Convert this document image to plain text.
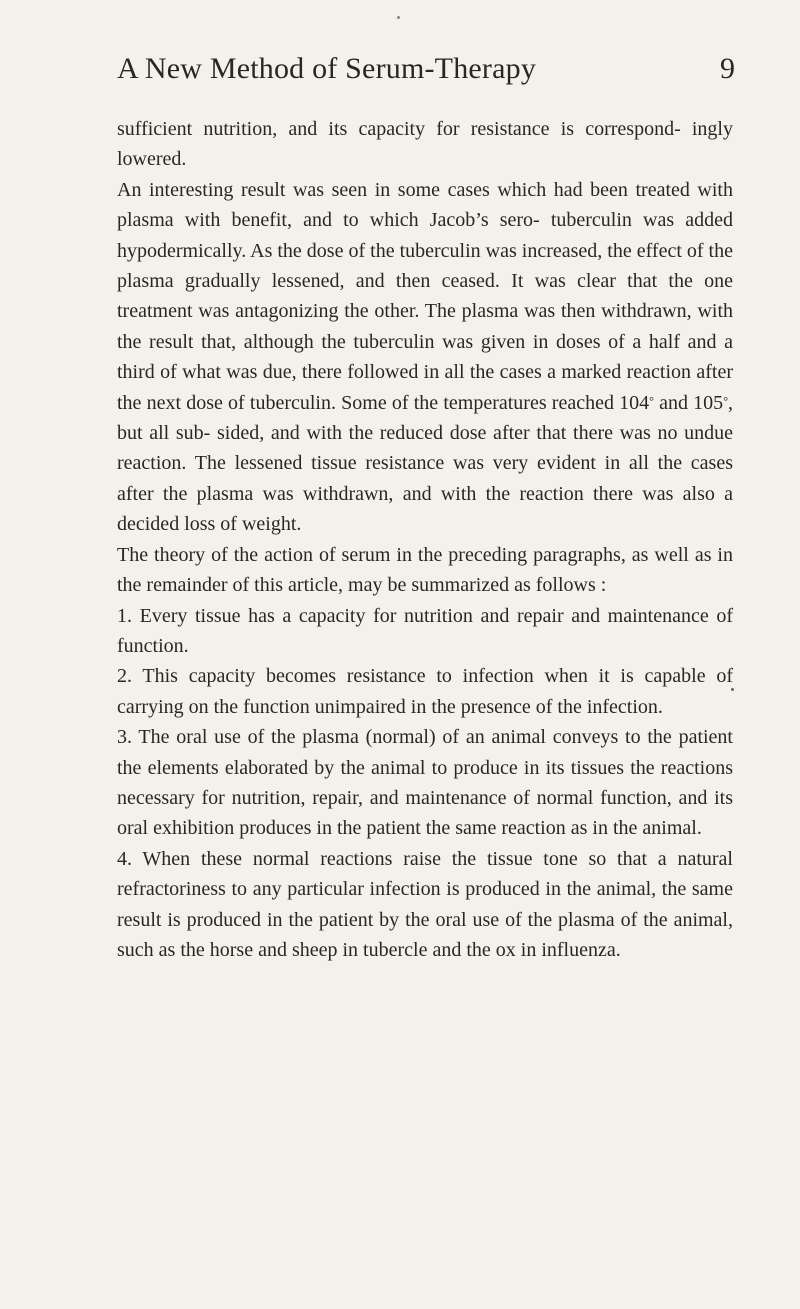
A New Method of Serum-Therapy	9

sufficient nutrition, and its capacity for resistance is correspond- ingly lowered.

An interesting result was seen in some cases which had been treated with plasma with benefit, and to which Jacob’s sero- tuberculin was added hypodermically. As the dose of the tuberculin was increased, the effect of the plasma gradually lessened, and then ceased. It was clear that the one treatment was antagonizing the other. The plasma was then withdrawn, with the result that, although the tuberculin was given in doses of a half and a third of what was due, there followed in all the cases a marked reaction after the next dose of tuberculin. Some of the temperatures reached 104° and 105°, but all sub- sided, and with the reduced dose after that there was no undue reaction. The lessened tissue resistance was very evident in all the cases after the plasma was withdrawn, and with the reaction there was also a decided loss of weight.

The theory of the action of serum in the preceding paragraphs, as well as in the remainder of this article, may be summarized as follows :

1. Every tissue has a capacity for nutrition and repair and maintenance of function.

2. This capacity becomes resistance to infection when it is capable of carrying on the function unimpaired in the presence of the infection.

3. The oral use of the plasma (normal) of an animal conveys to the patient the elements elaborated by the animal to produce in its tissues the reactions necessary for nutrition, repair, and maintenance of normal function, and its oral exhibition produces in the patient the same reaction as in the animal.

4. When these normal reactions raise the tissue tone so that a natural refractoriness to any particular infection is produced in the animal, the same result is produced in the patient by the oral use of the plasma of the animal, such as the horse and sheep in tubercle and the ox in influenza.
